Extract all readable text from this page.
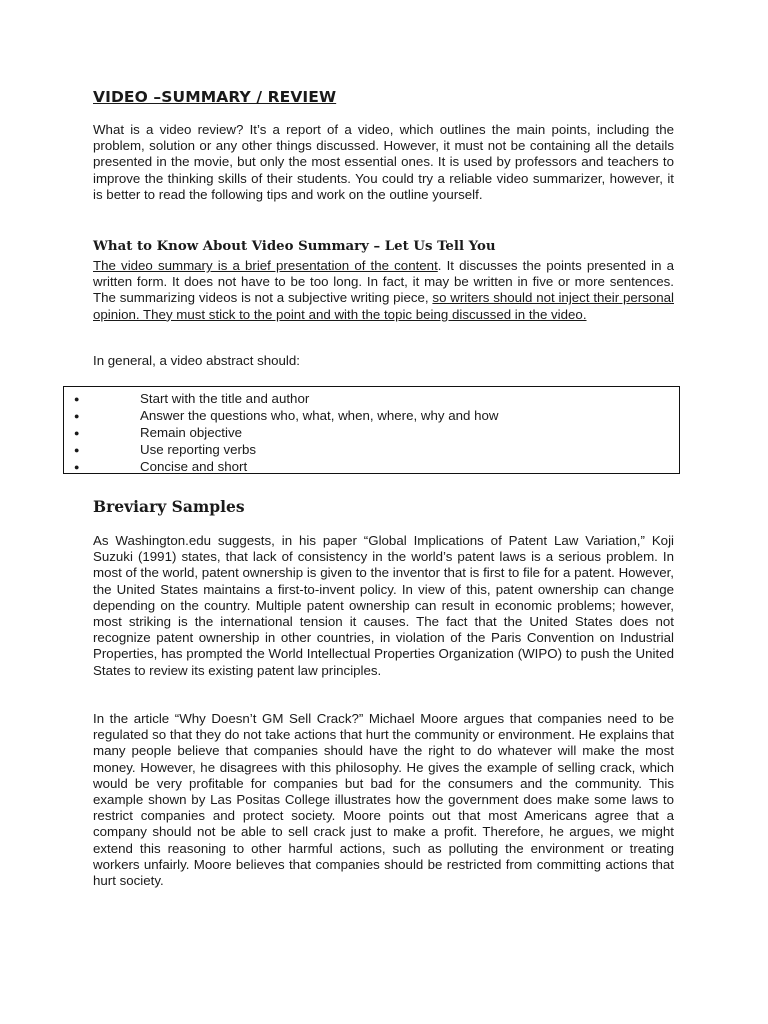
VIDEO –SUMMARY / REVIEW

What is a video review? It’s a report of a video, which outlines the main points, including the problem, solution or any other things discussed. However, it must not be containing all the details presented in the movie, but only the most essential ones. It is used by professors and teachers to improve the thinking skills of their students. You could try a reliable video summarizer, however, it is better to read the following tips and work on the outline yourself.

What to Know About Video Summary – Let Us Tell You

The video summary is a brief presentation of the content. It discusses the points presented in a written form. It does not have to be too long. In fact, it may be written in five or more sentences. The summarizing videos is not a subjective writing piece, so writers should not inject their personal opinion. They must stick to the point and with the topic being discussed in the video.

In general, a video abstract should:

●	Start with the title and author
●	Answer the questions who, what, when, where, why and how
●	Remain objective
●	Use reporting verbs
●	Concise and short

Breviary Samples

As Washington.edu suggests, in his paper “Global Implications of Patent Law Variation,” Koji Suzuki (1991) states, that lack of consistency in the world’s patent laws is a serious problem. In most of the world, patent ownership is given to the inventor that is first to file for a patent. However, the United States maintains a first-to-invent policy. In view of this, patent ownership can change depending on the country. Multiple patent ownership can result in economic problems; however, most striking is the international tension it causes. The fact that the United States does not recognize patent ownership in other countries, in violation of the Paris Convention on Industrial Properties, has prompted the World Intellectual Properties Organization (WIPO) to push the United States to review its existing patent law principles.

In the article “Why Doesn’t GM Sell Crack?” Michael Moore argues that companies need to be regulated so that they do not take actions that hurt the community or environment. He explains that many people believe that companies should have the right to do whatever will make the most money. However, he disagrees with this philosophy. He gives the example of selling crack, which would be very profitable for companies but bad for the consumers and the community. This example shown by Las Positas College illustrates how the government does make some laws to restrict companies and protect society. Moore points out that most Americans agree that a company should not be able to sell crack just to make a profit. Therefore, he argues, we might extend this reasoning to other harmful actions, such as polluting the environment or treating workers unfairly. Moore believes that companies should be restricted from committing actions that hurt society.
